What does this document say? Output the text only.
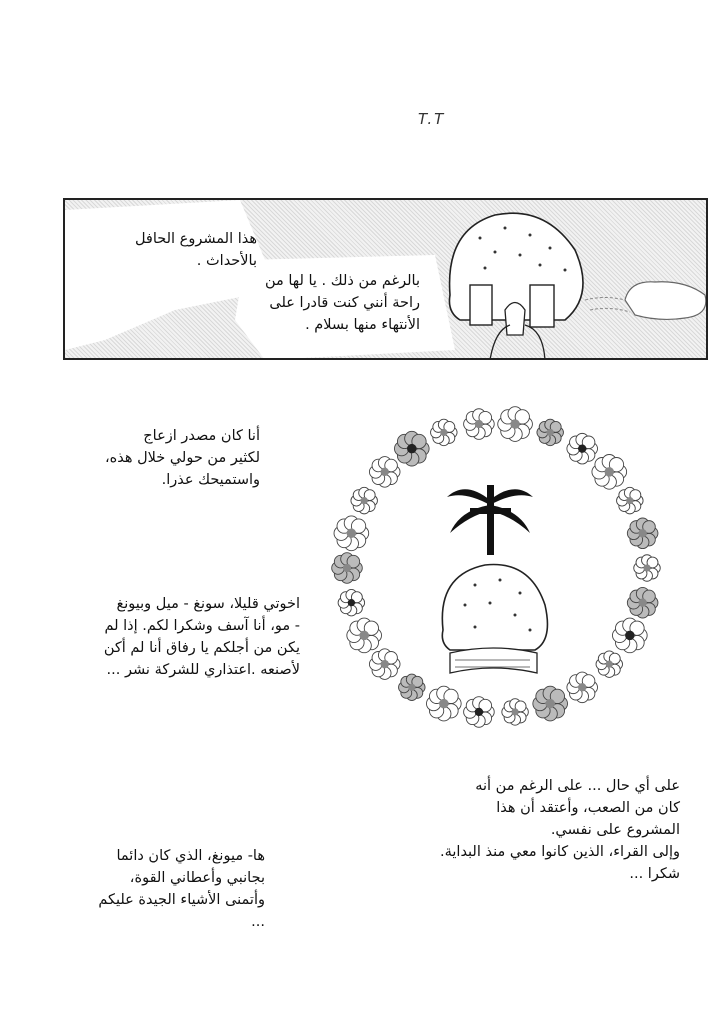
T.T
هذا المشروع الحافل
بالأحداث .
بالرغم من ذلك . يا لها من
راحة أنني كنت قادرا على
الأنتهاء منها بسلام .
أنا كان مصدر ازعاج
لكثير من حولي خلال هذه،
واستميحك عذرا.
اخوتي قليلا، سونغ - ميل وبيونغ
- مو، أنا آسف وشكرا لكم. إذا لم
يكن من أجلكم يا رفاق أنا لم أكن
لأصنعه .اعتذاري للشركة نشر ...
على أي حال ... على الرغم من أنه
كان من الصعب، وأعتقد أن هذا
المشروع على نفسي.
وإلى القراء، الذين كانوا معي منذ البداية.
شكرا ...
ها- ميونغ، الذي كان دائما
بجانبي وأعطاني القوة،
وأتمنى الأشياء الجيدة عليكم
...
